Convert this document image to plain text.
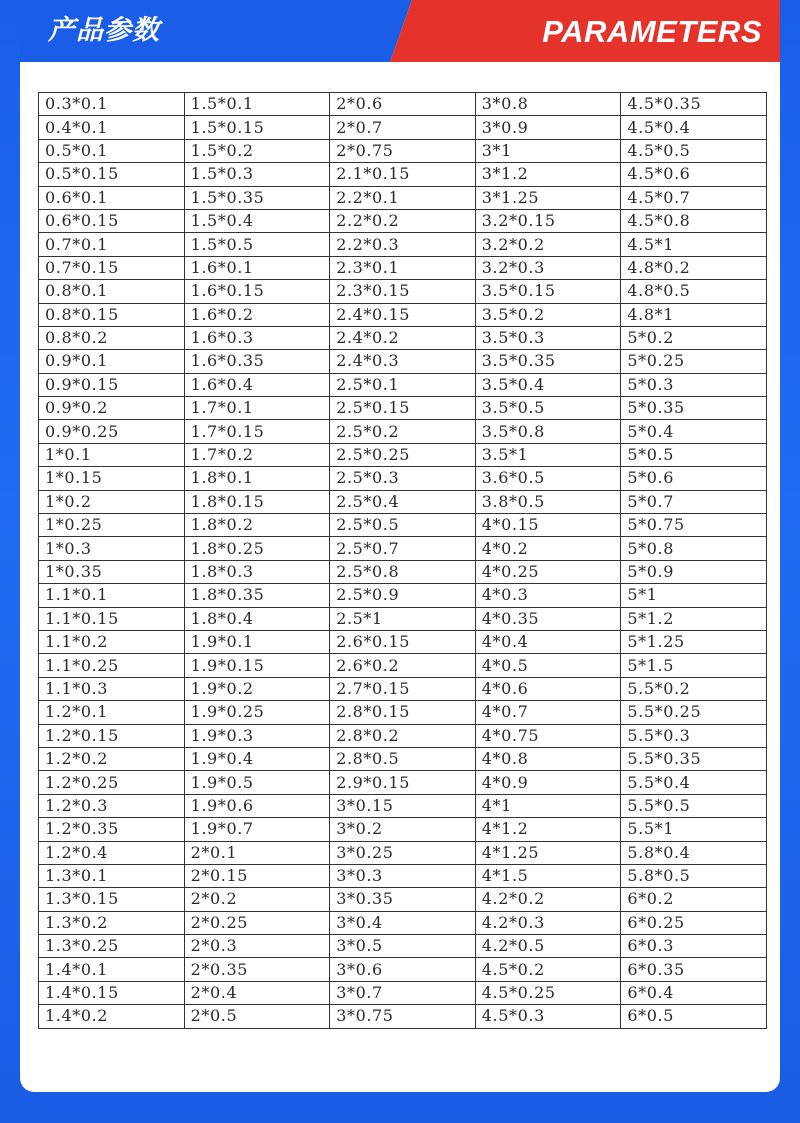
产品参数	PARAMETERS
0.3*0.1	1.5*0.1	2*0.6	3*0.8	4.5*0.35
0.4*0.1	1.5*0.15	2*0.7	3*0.9	4.5*0.4
0.5*0.1	1.5*0.2	2*0.75	3*1	4.5*0.5
0.5*0.15	1.5*0.3	2.1*0.15	3*1.2	4.5*0.6
0.6*0.1	1.5*0.35	2.2*0.1	3*1.25	4.5*0.7
0.6*0.15	1.5*0.4	2.2*0.2	3.2*0.15	4.5*0.8
0.7*0.1	1.5*0.5	2.2*0.3	3.2*0.2	4.5*1
0.7*0.15	1.6*0.1	2.3*0.1	3.2*0.3	4.8*0.2
0.8*0.1	1.6*0.15	2.3*0.15	3.5*0.15	4.8*0.5
0.8*0.15	1.6*0.2	2.4*0.15	3.5*0.2	4.8*1
0.8*0.2	1.6*0.3	2.4*0.2	3.5*0.3	5*0.2
0.9*0.1	1.6*0.35	2.4*0.3	3.5*0.35	5*0.25
0.9*0.15	1.6*0.4	2.5*0.1	3.5*0.4	5*0.3
0.9*0.2	1.7*0.1	2.5*0.15	3.5*0.5	5*0.35
0.9*0.25	1.7*0.15	2.5*0.2	3.5*0.8	5*0.4
1*0.1	1.7*0.2	2.5*0.25	3.5*1	5*0.5
1*0.15	1.8*0.1	2.5*0.3	3.6*0.5	5*0.6
1*0.2	1.8*0.15	2.5*0.4	3.8*0.5	5*0.7
1*0.25	1.8*0.2	2.5*0.5	4*0.15	5*0.75
1*0.3	1.8*0.25	2.5*0.7	4*0.2	5*0.8
1*0.35	1.8*0.3	2.5*0.8	4*0.25	5*0.9
1.1*0.1	1.8*0.35	2.5*0.9	4*0.3	5*1
1.1*0.15	1.8*0.4	2.5*1	4*0.35	5*1.2
1.1*0.2	1.9*0.1	2.6*0.15	4*0.4	5*1.25
1.1*0.25	1.9*0.15	2.6*0.2	4*0.5	5*1.5
1.1*0.3	1.9*0.2	2.7*0.15	4*0.6	5.5*0.2
1.2*0.1	1.9*0.25	2.8*0.15	4*0.7	5.5*0.25
1.2*0.15	1.9*0.3	2.8*0.2	4*0.75	5.5*0.3
1.2*0.2	1.9*0.4	2.8*0.5	4*0.8	5.5*0.35
1.2*0.25	1.9*0.5	2.9*0.15	4*0.9	5.5*0.4
1.2*0.3	1.9*0.6	3*0.15	4*1	5.5*0.5
1.2*0.35	1.9*0.7	3*0.2	4*1.2	5.5*1
1.2*0.4	2*0.1	3*0.25	4*1.25	5.8*0.4
1.3*0.1	2*0.15	3*0.3	4*1.5	5.8*0.5
1.3*0.15	2*0.2	3*0.35	4.2*0.2	6*0.2
1.3*0.2	2*0.25	3*0.4	4.2*0.3	6*0.25
1.3*0.25	2*0.3	3*0.5	4.2*0.5	6*0.3
1.4*0.1	2*0.35	3*0.6	4.5*0.2	6*0.35
1.4*0.15	2*0.4	3*0.7	4.5*0.25	6*0.4
1.4*0.2	2*0.5	3*0.75	4.5*0.3	6*0.5
